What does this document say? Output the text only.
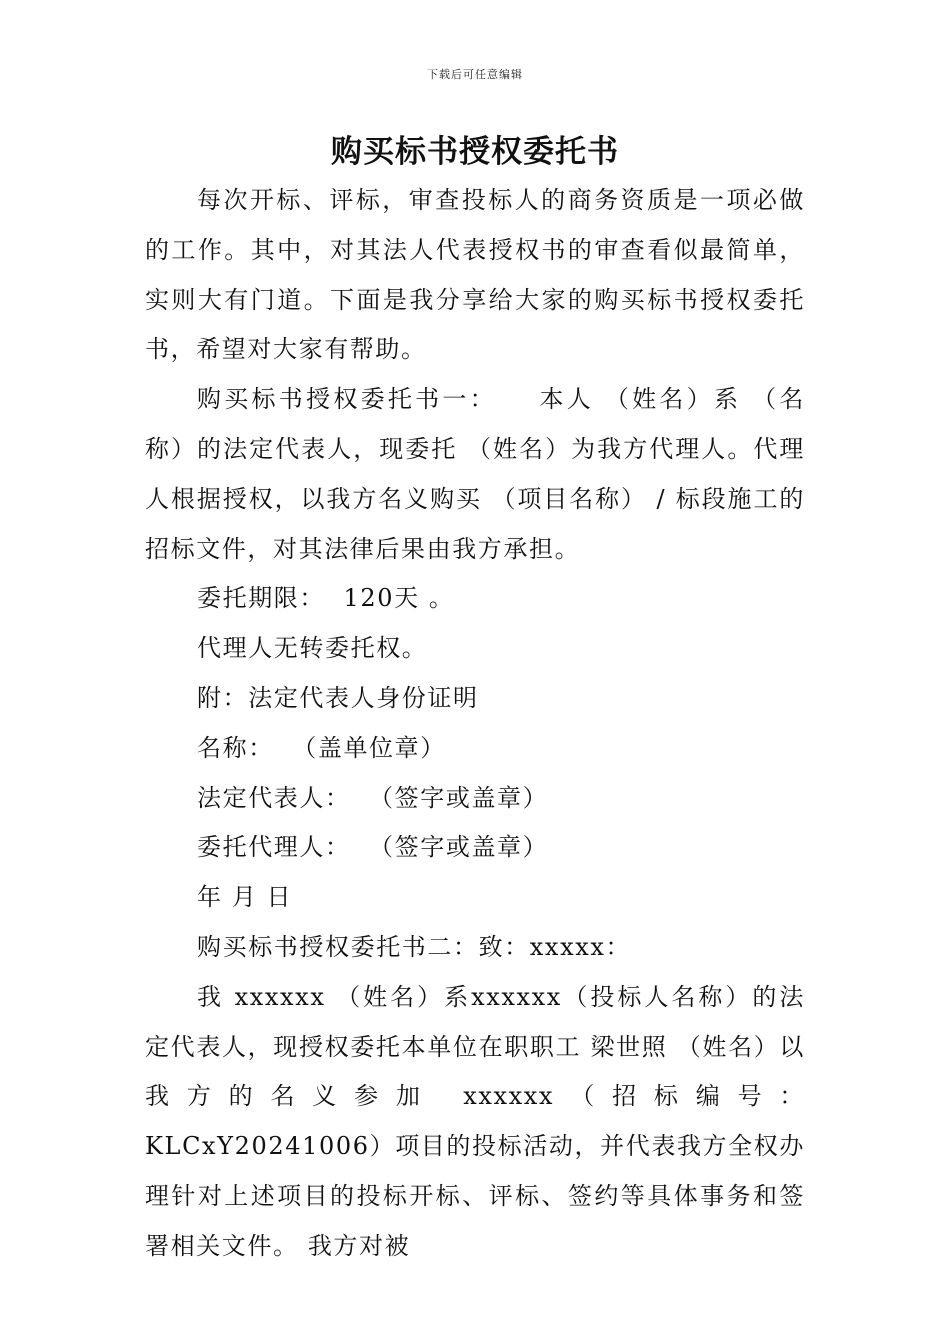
下载后可任意编辑
购买标书授权委托书

每次开标、评标，审查投标人的商务资质是一项必做的工作。其中，对其法人代表授权书的审查看似最简单，实则大有门道。下面是我分享给大家的购买标书授权委托书，希望对大家有帮助。

购买标书授权委托书一：　　本人 （姓名）系 （名称）的法定代表人，现委托 （姓名）为我方代理人。代理人根据授权，以我方名义购买 （项目名称） / 标段施工的招标文件，对其法律后果由我方承担。

委托期限：  120天 。

代理人无转委托权。

附：法定代表人身份证明

名称：  （盖单位章）

法定代表人：  （签字或盖章）

委托代理人：  （签字或盖章）

年 月 日

购买标书授权委托书二：致：xxxxx：

我 xxxxxx （姓名）系xxxxxx（投标人名称）的法定代表人，现授权委托本单位在职职工 梁世照 （姓名）以我方的名义参加 xxxxxx（招标编号：KLCxY20241006）项目的投标活动，并代表我方全权办理针对上述项目的投标开标、评标、签约等具体事务和签署相关文件。 我方对被
